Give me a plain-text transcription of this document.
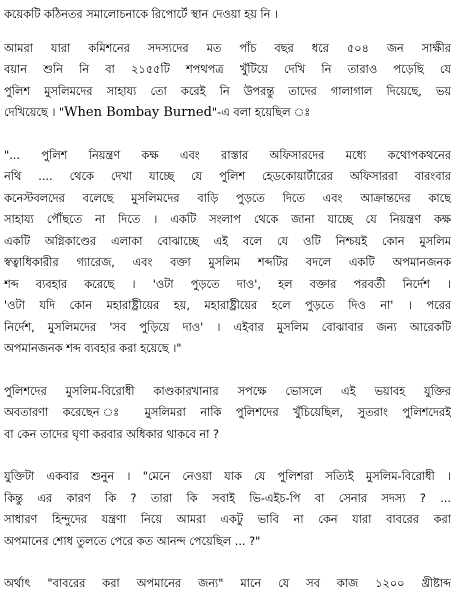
কয়েকটি কঠিনতর সমালোচনাকে রিপোর্টে স্থান দেওয়া হয় নি ।
আমরা যারা কমিশনের সদস্যদের মত পাঁচ বছর ধরে ৫০৪ জন সাক্ষীর
বয়ান শুনি নি বা ২১৫৫টি শপথপত্র খুঁটিয়ে দেখি নি তারাও পড়েছি যে
পুলিশ মুসলিমদের সাহায্য তো করেই নি উপরন্তু তাদের গালাগাল দিয়েছে, ভয়
দেখিয়েছে । "When Bombay Burned"-এ বলা হয়েছিল ঃ
"... পুলিশ নিয়ন্ত্রণ কক্ষ এবং রাস্তার অফিসারদের মধ্যে কথোপকথনের
নথি .... থেকে দেখা যাচ্ছে যে পুলিশ হেডকোয়ার্টারের অফিসাররা বারংবার
কনেস্টবলদের বলেছে মুসলিমদের বাড়ি পুড়তে দিতে এবং আক্রান্তদের কাছে
সাহায্য পৌঁছতে না দিতে । একটি সংলাপ থেকে জানা যাচ্ছে যে নিয়ন্ত্রণ কক্ষ
একটি অগ্নিকাণ্ডের এলাকা বোঝাচ্ছে এই বলে যে ওটি নিশ্চয়ই কোন মুসলিম
স্বত্বাধিকারীর গ্যারেজ, এবং বক্তা মুসলিম শব্দটির বদলে একটি অপমানজনক
শব্দ ব্যবহার করেছে । 'ওটা পুড়তে দাও', হল বক্তার পরবর্তী নির্দেশ ।
'ওটা যদি কোন মহারাষ্ট্রীয়ের হয়, মহারাষ্ট্রীয়ের হলে পুড়তে দিও না' । পরের
নির্দেশ, মুসলিমদের 'সব পুড়িয়ে দাও' । এইবার মুসলিম বোঝাবার জন্য আরেকটি
অপমানজনক শব্দ ব্যবহার করা হয়েছে ।"
পুলিশদের মুসলিম-বিরোধী কাণ্ডকারখানার সপক্ষে ভোসলে এই ভয়াবহ যুক্তির
অবতারণা করেছেন ঃ মুসলিমরা নাকি পুলিশদের খুঁচিয়েছিল, সুতরাং পুলিশদেরই
বা কেন তাদের ঘৃণা করবার অধিকার থাকবে না ?
যুক্তিটা একবার শুনুন । "মেনে নেওয়া যাক যে পুলিশরা সত্যিই মুসলিম-বিরোধী ।
কিন্তু এর কারণ কি ? তারা কি সবাই ভি-এইচ-পি বা সেনার সদস্য ? ...
সাধারণ হিন্দুদের যন্ত্রণা নিয়ে আমরা একটু ভাবি না কেন যারা বাবরের করা
অপমানের শোধ তুলতে পেরে কত আনন্দ পেয়েছিল ... ?"
অর্থাৎ "বাবরের করা অপমানের জন্য" মানে যে সব কাজ ১২০০ খ্রীষ্টাব্দ
